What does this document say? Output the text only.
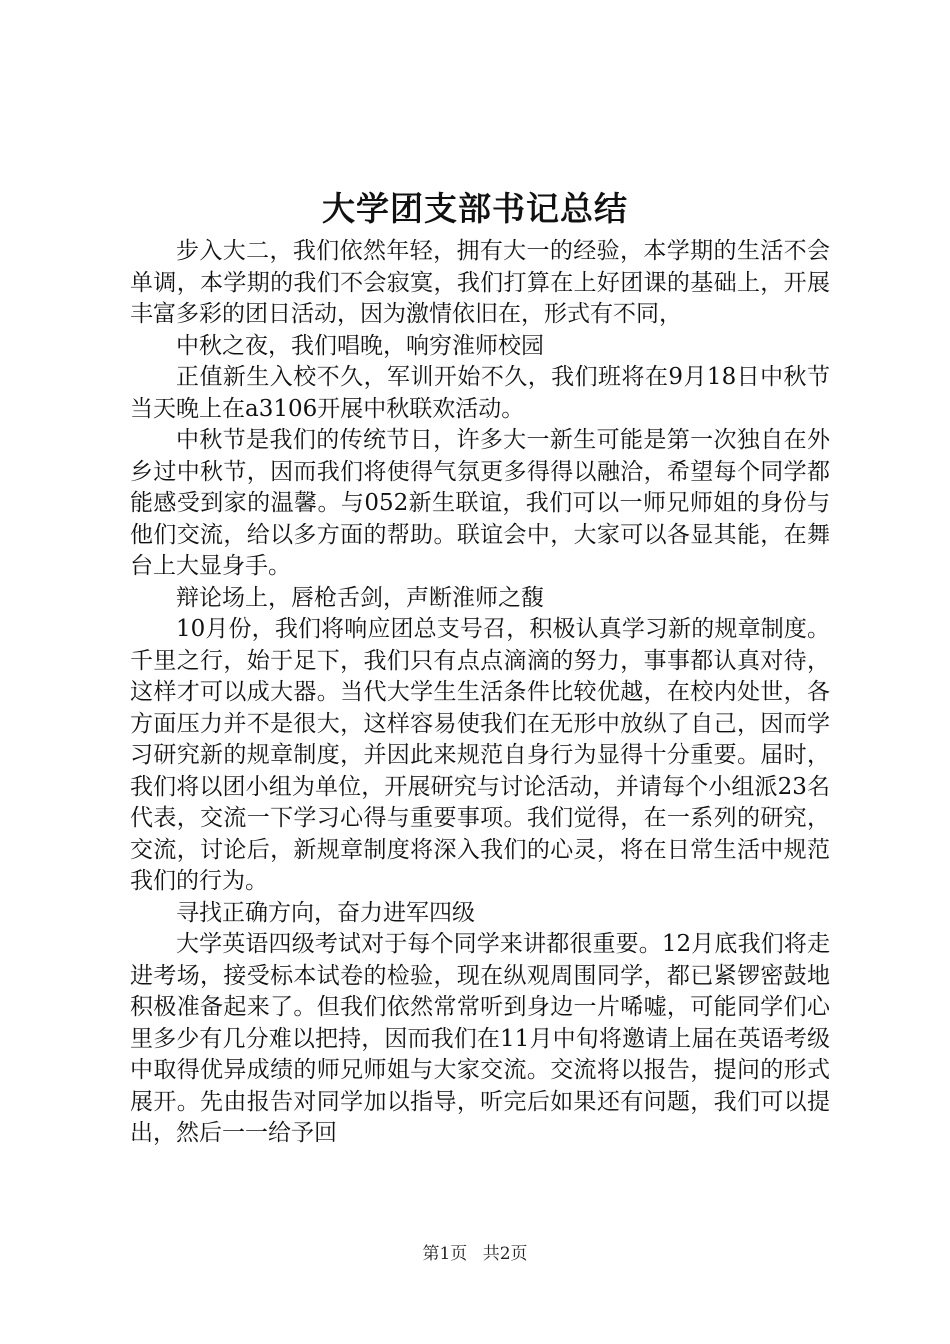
大学团支部书记总结

步入大二，我们依然年轻，拥有大一的经验，本学期的生活不会单调，本学期的我们不会寂寞，我们打算在上好团课的基础上，开展丰富多彩的团日活动，因为激情依旧在，形式有不同，

中秋之夜，我们唱晚，响穷淮师校园

正值新生入校不久，军训开始不久，我们班将在9月18日中秋节当天晚上在a3106开展中秋联欢活动。

中秋节是我们的传统节日，许多大一新生可能是第一次独自在外乡过中秋节，因而我们将使得气氛更多得得以融洽，希望每个同学都能感受到家的温馨。与052新生联谊，我们可以一师兄师姐的身份与他们交流，给以多方面的帮助。联谊会中，大家可以各显其能，在舞台上大显身手。

辩论场上，唇枪舌剑，声断淮师之馥

10月份，我们将响应团总支号召，积极认真学习新的规章制度。千里之行，始于足下，我们只有点点滴滴的努力，事事都认真对待，这样才可以成大器。当代大学生生活条件比较优越，在校内处世，各方面压力并不是很大，这样容易使我们在无形中放纵了自己，因而学习研究新的规章制度，并因此来规范自身行为显得十分重要。届时，我们将以团小组为单位，开展研究与讨论活动，并请每个小组派23名代表，交流一下学习心得与重要事项。我们觉得，在一系列的研究，交流，讨论后，新规章制度将深入我们的心灵，将在日常生活中规范我们的行为。

寻找正确方向，奋力进军四级

大学英语四级考试对于每个同学来讲都很重要。12月底我们将走进考场，接受标本试卷的检验，现在纵观周围同学，都已紧锣密鼓地积极准备起来了。但我们依然常常听到身边一片唏嘘，可能同学们心里多少有几分难以把持，因而我们在11月中旬将邀请上届在英语考级中取得优异成绩的师兄师姐与大家交流。交流将以报告，提问的形式展开。先由报告对同学加以指导，听完后如果还有问题，我们可以提出，然后一一给予回

第1页 共2页
